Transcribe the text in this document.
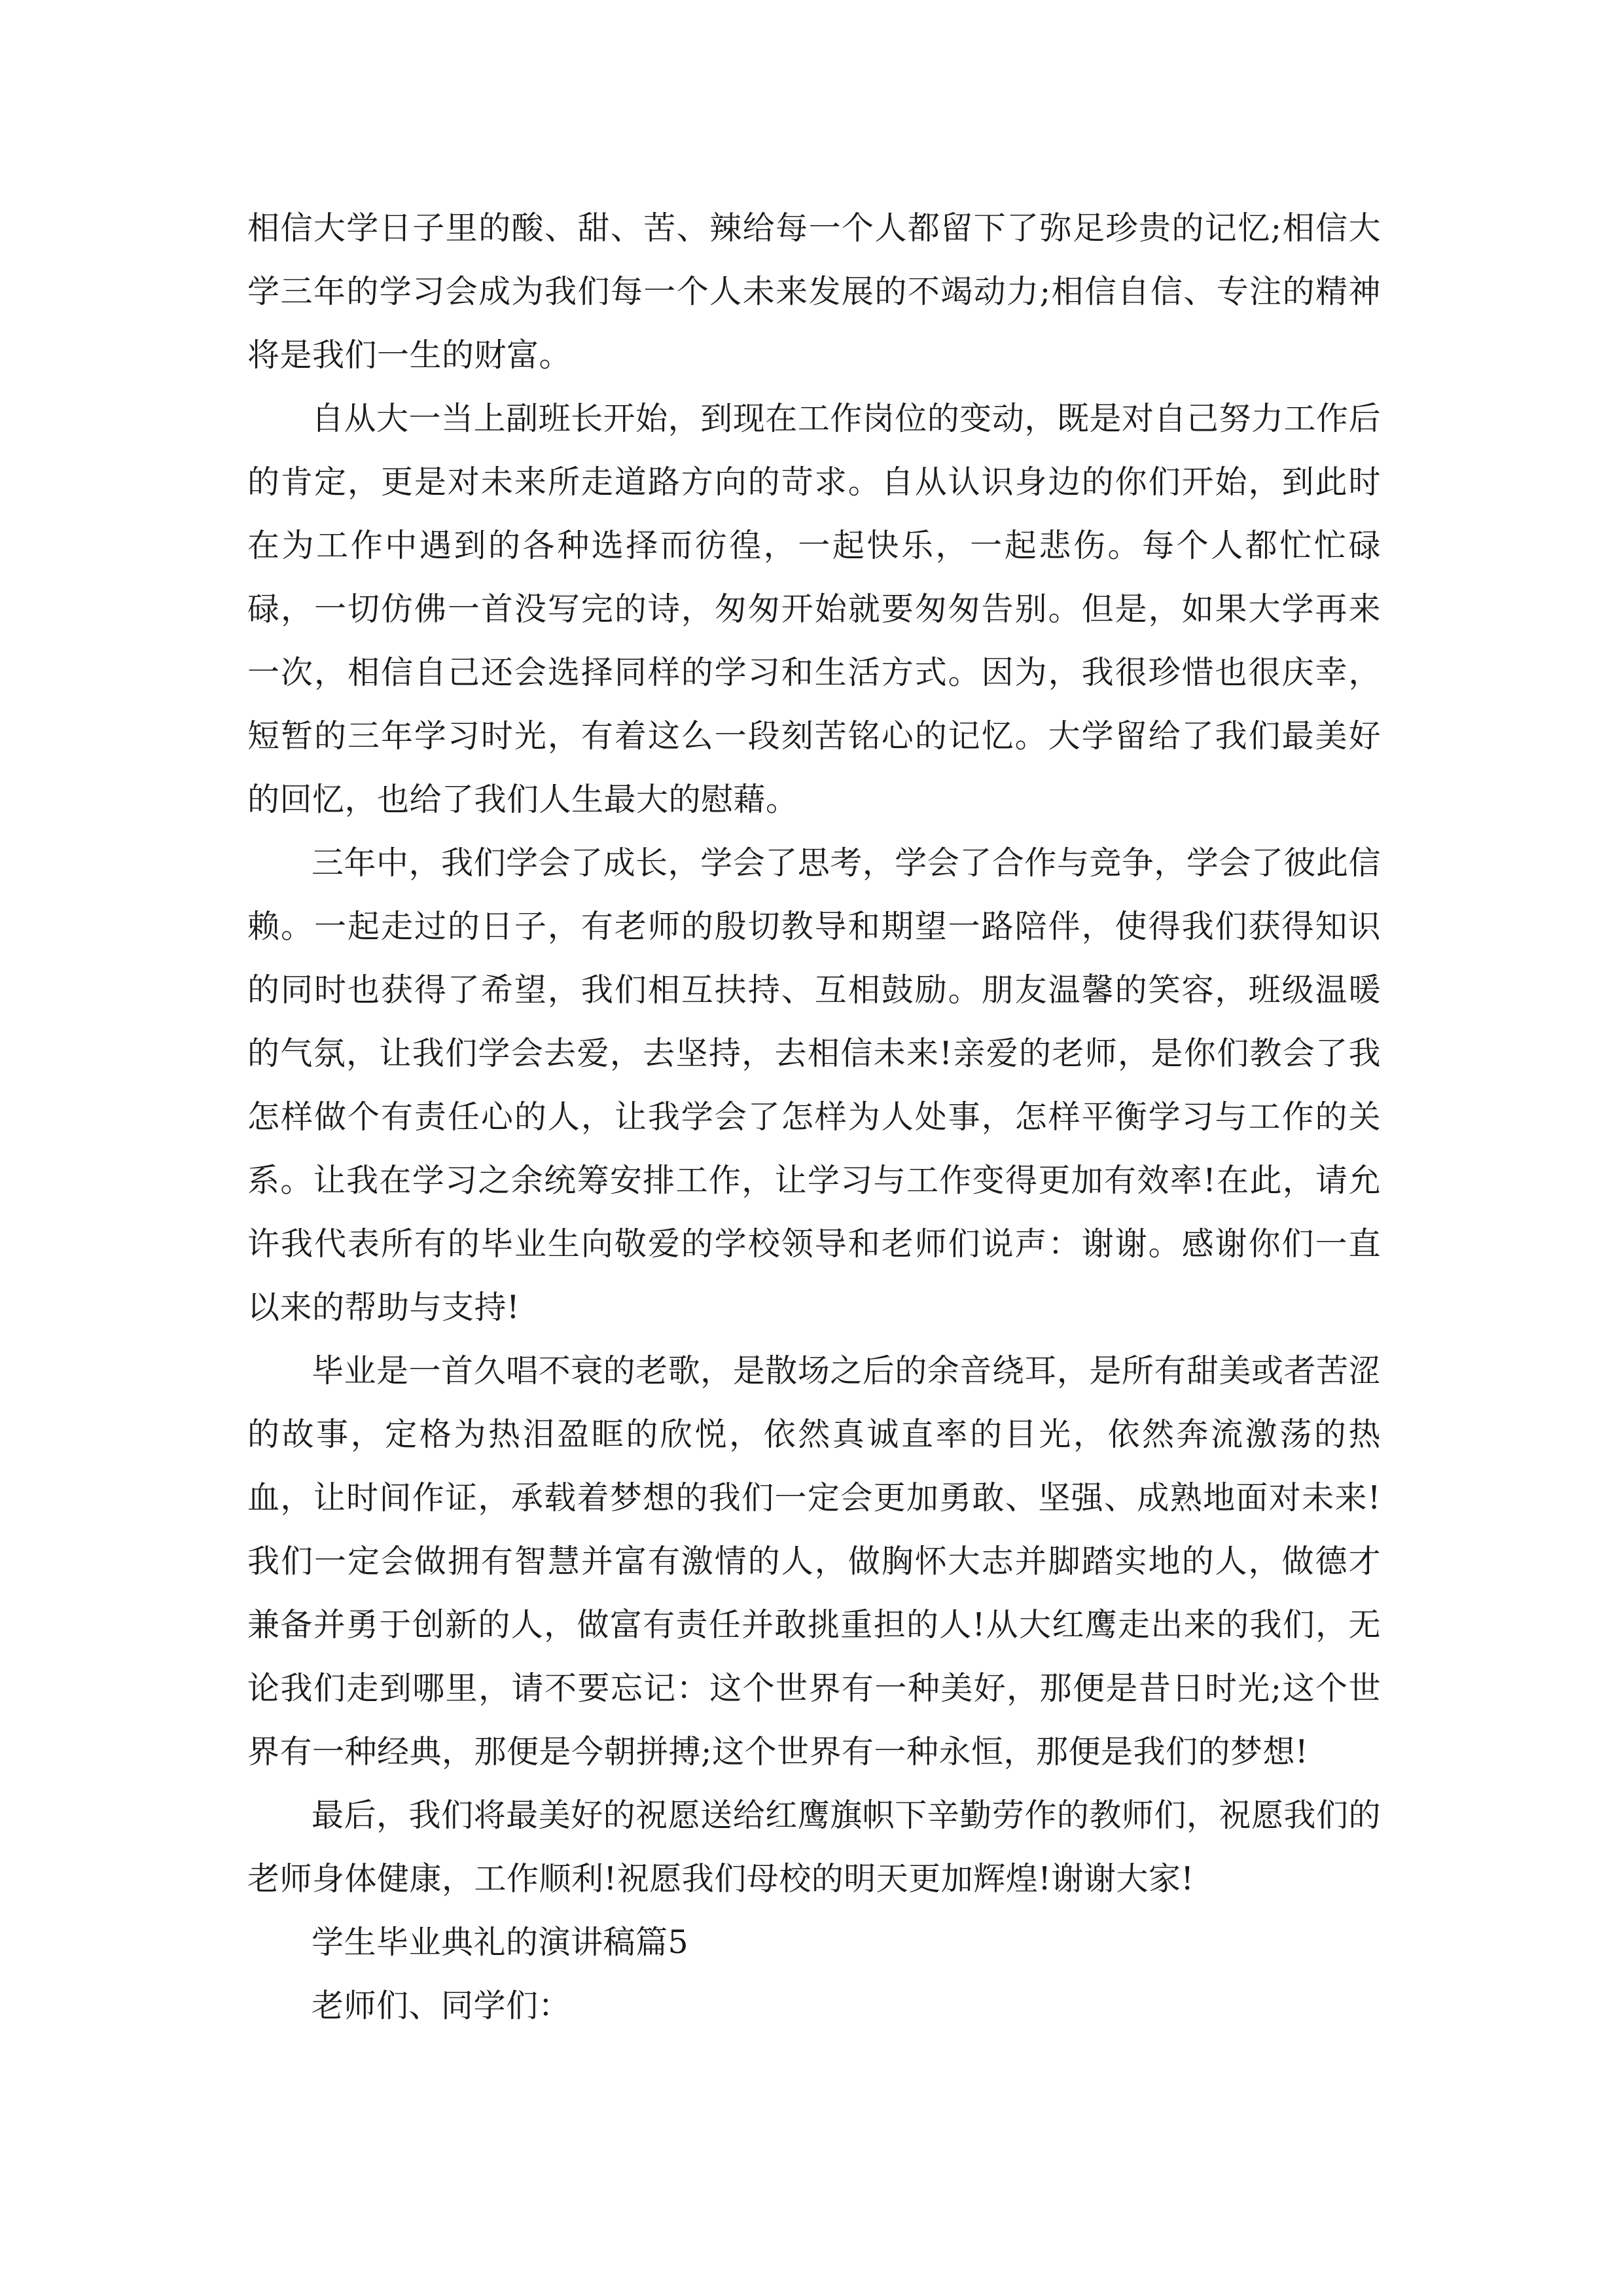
相信大学日子里的酸、甜、苦、辣给每一个人都留下了弥足珍贵的记忆;相信大学三年的学习会成为我们每一个人未来发展的不竭动力;相信自信、专注的精神将是我们一生的财富。

自从大一当上副班长开始，到现在工作岗位的变动，既是对自己努力工作后的肯定，更是对未来所走道路方向的苛求。自从认识身边的你们开始，到此时在为工作中遇到的各种选择而彷徨，一起快乐，一起悲伤。每个人都忙忙碌碌，一切仿佛一首没写完的诗，匆匆开始就要匆匆告别。但是，如果大学再来一次，相信自己还会选择同样的学习和生活方式。因为，我很珍惜也很庆幸，短暂的三年学习时光，有着这么一段刻苦铭心的记忆。大学留给了我们最美好的回忆，也给了我们人生最大的慰藉。

三年中，我们学会了成长，学会了思考，学会了合作与竞争，学会了彼此信赖。一起走过的日子，有老师的殷切教导和期望一路陪伴，使得我们获得知识的同时也获得了希望，我们相互扶持、互相鼓励。朋友温馨的笑容，班级温暖的气氛，让我们学会去爱，去坚持，去相信未来!亲爱的老师，是你们教会了我怎样做个有责任心的人，让我学会了怎样为人处事，怎样平衡学习与工作的关系。让我在学习之余统筹安排工作，让学习与工作变得更加有效率!在此，请允许我代表所有的毕业生向敬爱的学校领导和老师们说声：谢谢。感谢你们一直以来的帮助与支持!

毕业是一首久唱不衰的老歌，是散场之后的余音绕耳，是所有甜美或者苦涩的故事，定格为热泪盈眶的欣悦，依然真诚直率的目光，依然奔流激荡的热血，让时间作证，承载着梦想的我们一定会更加勇敢、坚强、成熟地面对未来!我们一定会做拥有智慧并富有激情的人，做胸怀大志并脚踏实地的人，做德才兼备并勇于创新的人，做富有责任并敢挑重担的人!从大红鹰走出来的我们，无论我们走到哪里，请不要忘记：这个世界有一种美好，那便是昔日时光;这个世界有一种经典，那便是今朝拼搏;这个世界有一种永恒，那便是我们的梦想!

最后，我们将最美好的祝愿送给红鹰旗帜下辛勤劳作的教师们，祝愿我们的老师身体健康，工作顺利!祝愿我们母校的明天更加辉煌!谢谢大家!

学生毕业典礼的演讲稿篇5

老师们、同学们：
